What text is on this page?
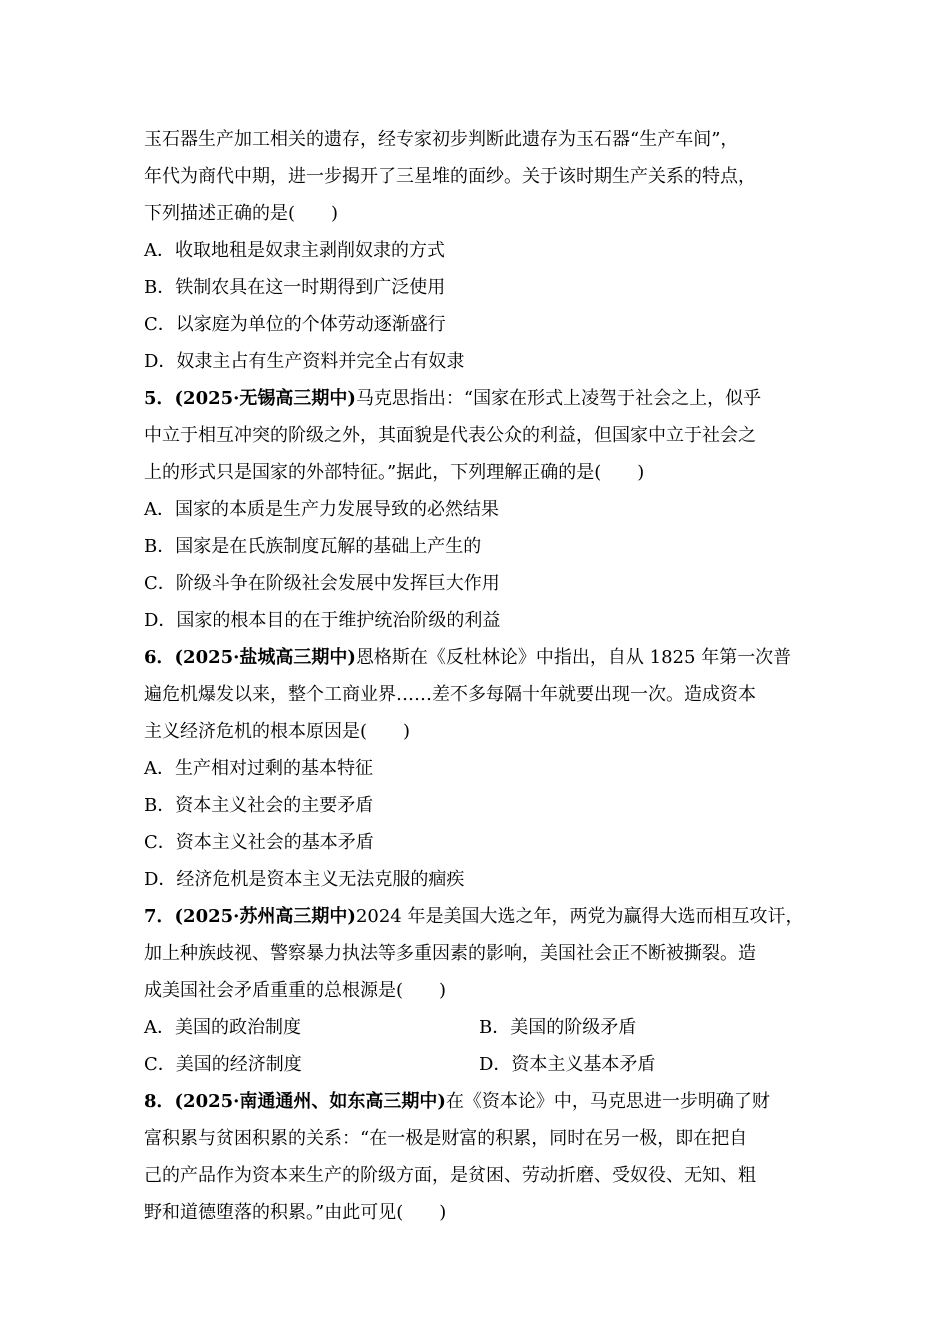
玉石器生产加工相关的遗存，经专家初步判断此遗存为玉石器“生产车间”，
年代为商代中期，进一步揭开了三星堆的面纱。关于该时期生产关系的特点，
下列描述正确的是(　　)
A．收取地租是奴隶主剥削奴隶的方式
B．铁制农具在这一时期得到广泛使用
C．以家庭为单位的个体劳动逐渐盛行
D．奴隶主占有生产资料并完全占有奴隶
5．(2025·无锡高三期中)马克思指出：“国家在形式上凌驾于社会之上，似乎
中立于相互冲突的阶级之外，其面貌是代表公众的利益，但国家中立于社会之
上的形式只是国家的外部特征。”据此，下列理解正确的是(　　)
A．国家的本质是生产力发展导致的必然结果
B．国家是在氏族制度瓦解的基础上产生的
C．阶级斗争在阶级社会发展中发挥巨大作用
D．国家的根本目的在于维护统治阶级的利益
6．(2025·盐城高三期中)恩格斯在《反杜林论》中指出，自从 1825 年第一次普
遍危机爆发以来，整个工商业界……差不多每隔十年就要出现一次。造成资本
主义经济危机的根本原因是(　　)
A．生产相对过剩的基本特征
B．资本主义社会的主要矛盾
C．资本主义社会的基本矛盾
D．经济危机是资本主义无法克服的痼疾
7．(2025·苏州高三期中)2024 年是美国大选之年，两党为赢得大选而相互攻讦，
加上种族歧视、警察暴力执法等多重因素的影响，美国社会正不断被撕裂。造
成美国社会矛盾重重的总根源是(　　)
A．美国的政治制度	B．美国的阶级矛盾
C．美国的经济制度	D．资本主义基本矛盾
8．(2025·南通通州、如东高三期中)在《资本论》中，马克思进一步明确了财
富积累与贫困积累的关系：“在一极是财富的积累，同时在另一极，即在把自
己的产品作为资本来生产的阶级方面，是贫困、劳动折磨、受奴役、无知、粗
野和道德堕落的积累。”由此可见(　　)
